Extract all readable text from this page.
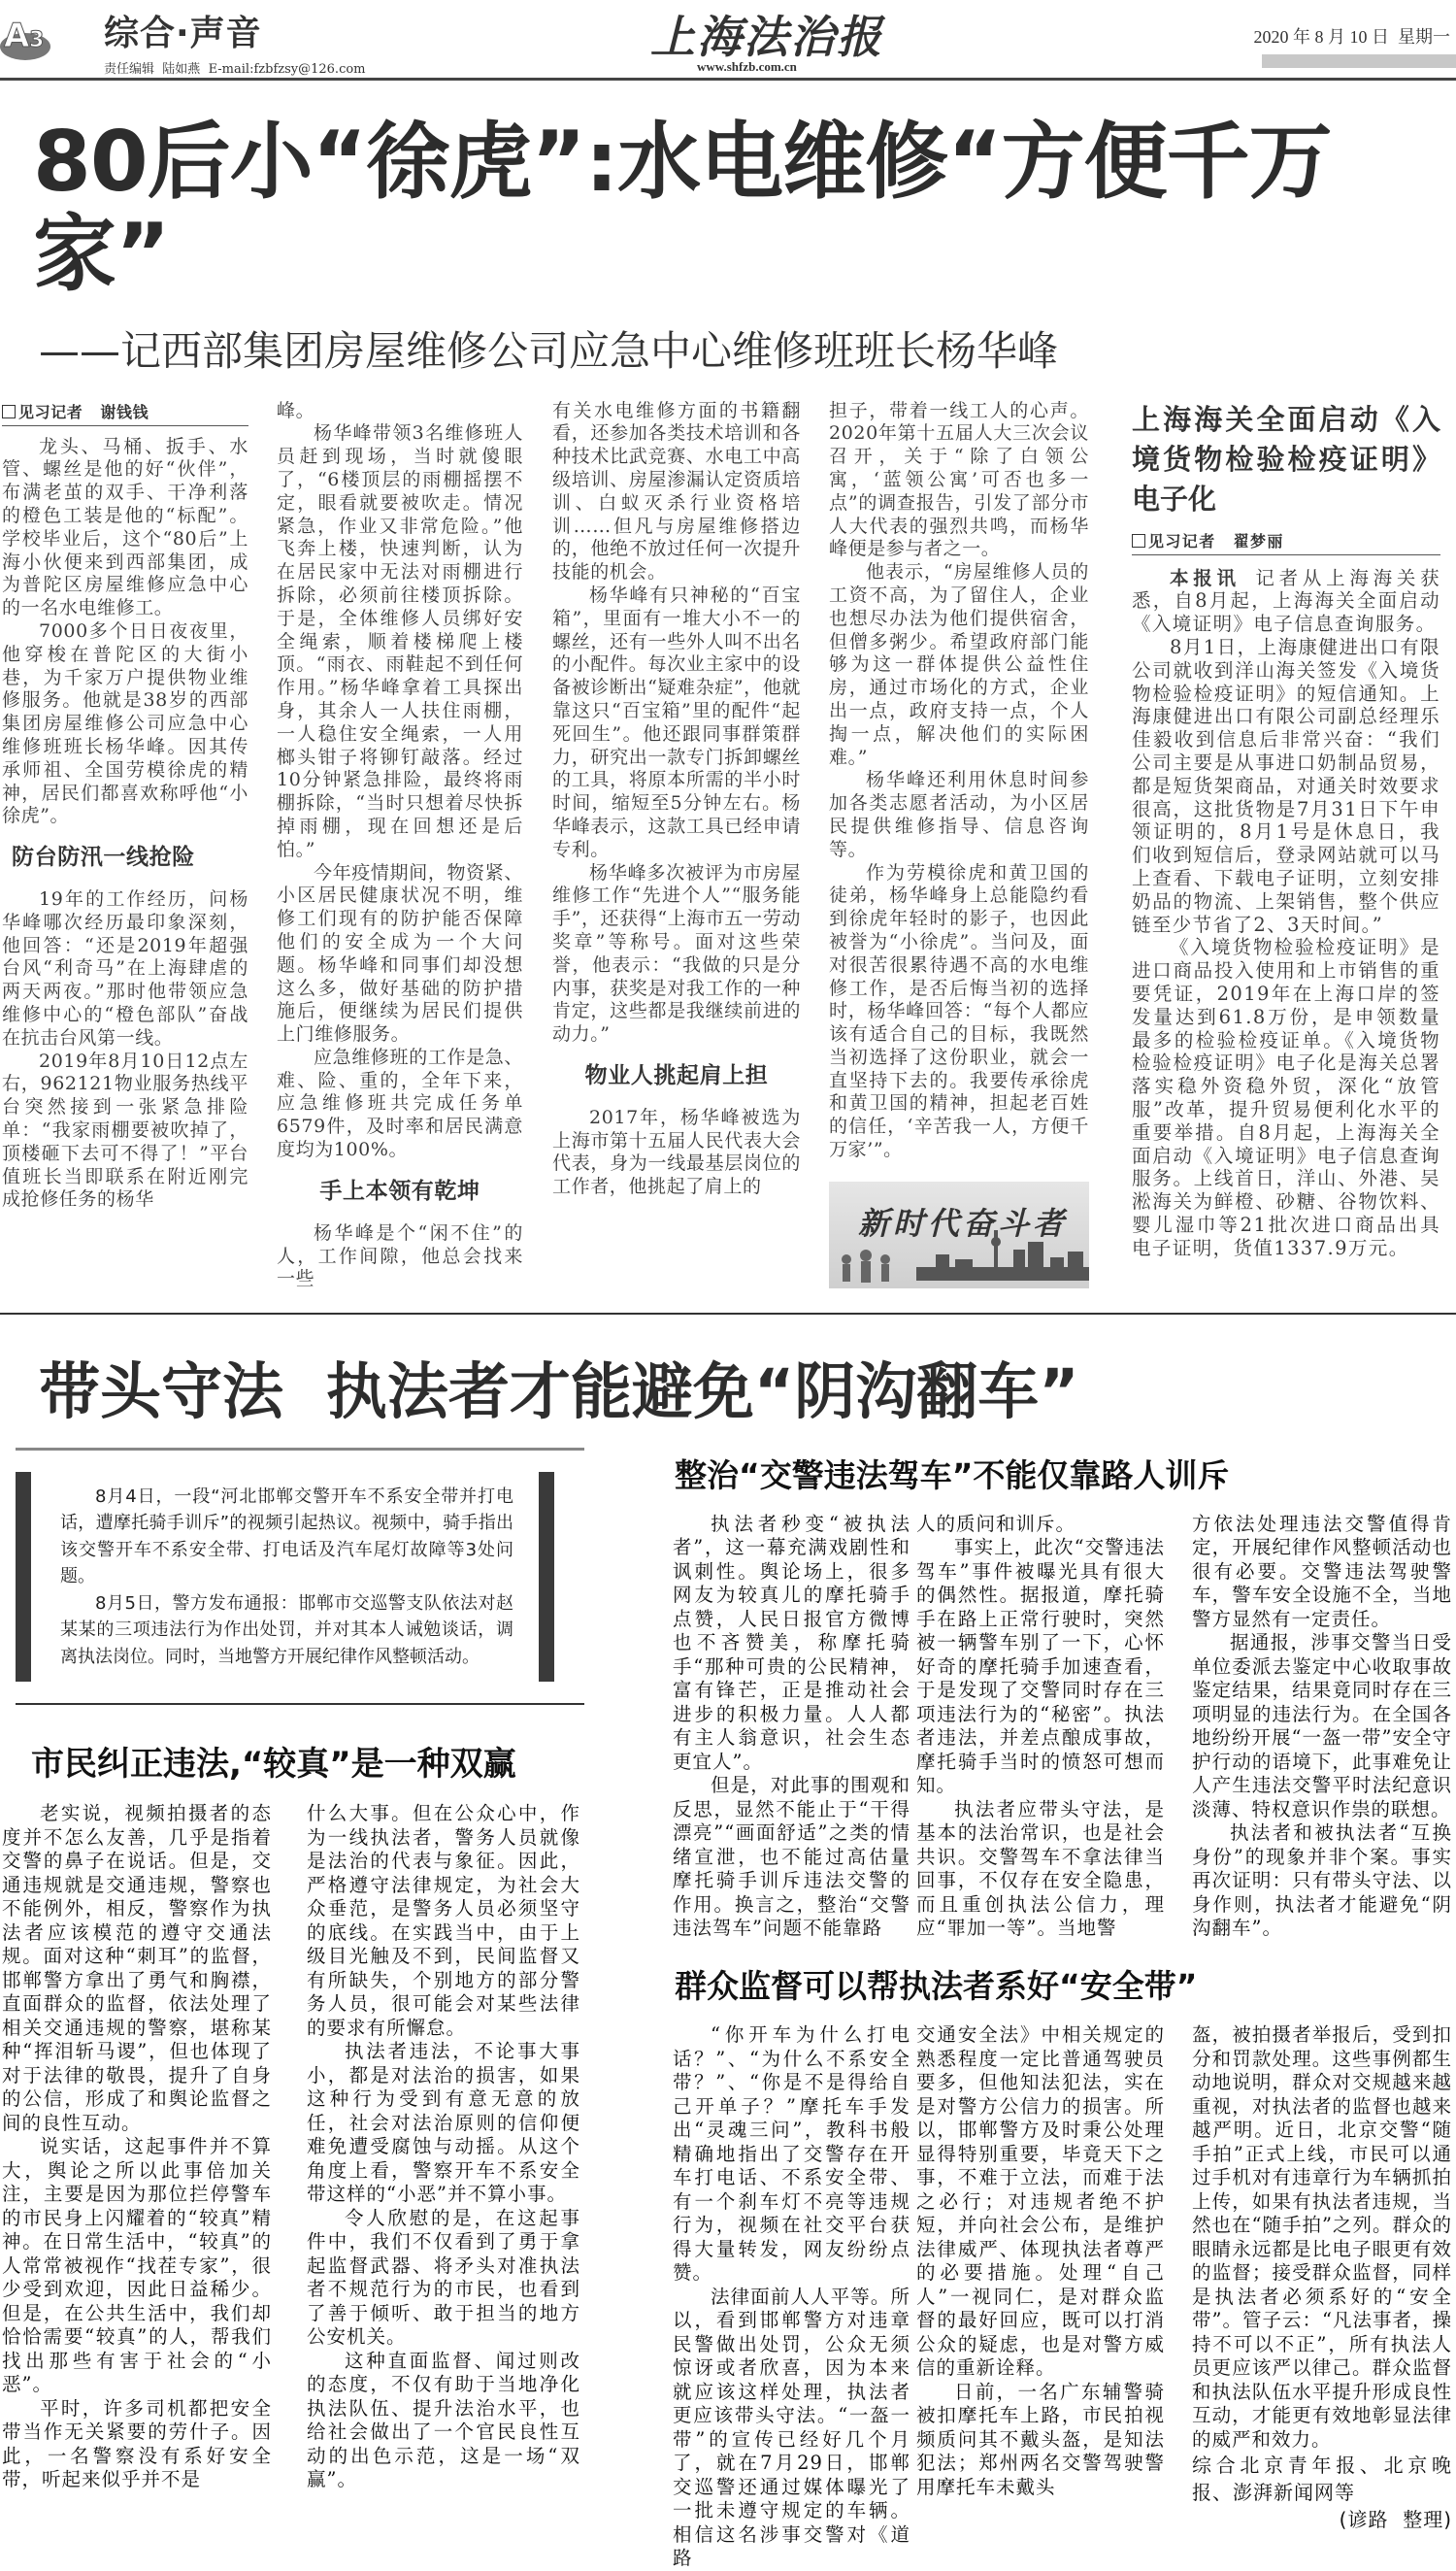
A 3 综合·声音
责任编辑 陆如燕 E-mail:fzbfzsy@126.com
上海法治报
www.shfzb.com.cn
2020 年 8 月 10 日  星期一
80后小“徐虎”:水电维修“方便千万家”
——记西部集团房屋维修公司应急中心维修班班长杨华峰
见习记者 谢钱钱

龙头、马桶、扳手、水管、螺丝是他的好“伙伴”，布满老茧的双手、干净利落的橙色工装是他的“标配”。学校毕业后，这个“80后”上海小伙便来到西部集团，成为普陀区房屋维修应急中心的一名水电维修工。

7000多个日日夜夜里，他穿梭在普陀区的大街小巷，为千家万户提供物业维修服务。他就是38岁的西部集团房屋维修公司应急中心维修班班长杨华峰。因其传承师祖、全国劳模徐虎的精神，居民们都喜欢称呼他“小徐虎”。

防台防汛一线抢险

19年的工作经历，问杨华峰哪次经历最印象深刻，他回答：“还是2019年超强台风“利奇马”在上海肆虐的两天两夜。”那时他带领应急维修中心的“橙色部队”奋战在抗击台风第一线。

2019年8月10日12点左右，962121物业服务热线平台突然接到一张紧急排险单：“我家雨棚要被吹掉了，顶楼砸下去可不得了！”平台值班长当即联系在附近刚完成抢修任务的杨华

峰。

杨华峰带领3名维修班人员赶到现场，当时就傻眼了，“6楼顶层的雨棚摇摆不定，眼看就要被吹走。情况紧急，作业又非常危险。”他飞奔上楼，快速判断，认为在居民家中无法对雨棚进行拆除，必须前往楼顶拆除。于是，全体维修人员绑好安全绳索，顺着楼梯爬上楼顶。“雨衣、雨鞋起不到任何作用。”杨华峰拿着工具探出身，其余人一人扶住雨棚，一人稳住安全绳索，一人用榔头钳子将铆钉敲落。经过10分钟紧急排险，最终将雨棚拆除，“当时只想着尽快拆掉雨棚，现在回想还是后怕。”

今年疫情期间，物资紧、小区居民健康状况不明，维修工们现有的防护能否保障他们的安全成为一个大问题。杨华峰和同事们却没想这么多，做好基础的防护措施后，便继续为居民们提供上门维修服务。

应急维修班的工作是急、难、险、重的，全年下来，应急维修班共完成任务单6579件，及时率和居民满意度均为100%。

手上本领有乾坤

杨华峰是个“闲不住”的人，工作间隙，他总会找来一些

有关水电维修方面的书籍翻看，还参加各类技术培训和各种技术比武竞赛、水电工中高级培训、房屋渗漏认定资质培训、白蚁灭杀行业资格培训……但凡与房屋维修搭边的，他绝不放过任何一次提升技能的机会。

杨华峰有只神秘的“百宝箱”，里面有一堆大小不一的螺丝，还有一些外人叫不出名的小配件。每次业主家中的设备被诊断出“疑难杂症”，他就靠这只“百宝箱”里的配件“起死回生”。他还跟同事群策群力，研究出一款专门拆卸螺丝的工具，将原本所需的半小时时间，缩短至5分钟左右。杨华峰表示，这款工具已经申请专利。

杨华峰多次被评为市房屋维修工作“先进个人”“服务能手”，还获得“上海市五一劳动奖章”等称号。面对这些荣誉，他表示：“我做的只是分内事，获奖是对我工作的一种肯定，这些都是我继续前进的动力。”

物业人挑起肩上担

2017年，杨华峰被选为上海市第十五届人民代表大会代表，身为一线最基层岗位的工作者，他挑起了肩上的

担子，带着一线工人的心声。2020年第十五届人大三次会议召开，关于“除了白领公寓，‘蓝领公寓’可否也多一点”的调查报告，引发了部分市人大代表的强烈共鸣，而杨华峰便是参与者之一。

他表示，“房屋维修人员的工资不高，为了留住人，企业也想尽办法为他们提供宿舍，但僧多粥少。希望政府部门能够为这一群体提供公益性住房，通过市场化的方式，企业出一点，政府支持一点，个人掏一点，解决他们的实际困难。”

杨华峰还利用休息时间参加各类志愿者活动，为小区居民提供维修指导、信息咨询等。

作为劳模徐虎和黄卫国的徒弟，杨华峰身上总能隐约看到徐虎年轻时的影子，也因此被誉为“小徐虎”。当问及，面对很苦很累待遇不高的水电维修工作，是否后悔当初的选择时，杨华峰回答：“每个人都应该有适合自己的目标，我既然当初选择了这份职业，就会一直坚持下去的。我要传承徐虎和黄卫国的精神，担起老百姓的信任，‘辛苦我一人，方便千万家’”。

新时代奋斗者
上海海关全面启动《入境货物检验检疫证明》电子化
见习记者 翟梦丽

本报讯 记者从上海海关获悉，自8月起，上海海关全面启动《入境证明》电子信息查询服务。

8月1日，上海康健进出口有限公司就收到洋山海关签发《入境货物检验检疫证明》的短信通知。上海康健进出口有限公司副总经理乐佳毅收到信息后非常兴奋：“我们公司主要是从事进口奶制品贸易，都是短货架商品，对通关时效要求很高，这批货物是7月31日下午申领证明的，8月1号是休息日，我们收到短信后，登录网站就可以马上查看、下载电子证明，立刻安排奶品的物流、上架销售，整个供应链至少节省了2、3天时间。”

《入境货物检验检疫证明》是进口商品投入使用和上市销售的重要凭证，2019年在上海口岸的签发量达到61.8万份，是申领数量最多的检验检疫证单。《入境货物检验检疫证明》电子化是海关总署落实稳外资稳外贸，深化“放管服”改革，提升贸易便利化水平的重要举措。自8月起，上海海关全面启动《入境证明》电子信息查询服务。上线首日，洋山、外港、吴淞海关为鲜橙、砂糖、谷物饮料、婴儿湿巾等21批次进口商品出具电子证明，货值1337.9万元。

带头守法  执法者才能避免“阴沟翻车”

8月4日，一段“河北邯郸交警开车不系安全带并打电话，遭摩托骑手训斥”的视频引起热议。视频中，骑手指出该交警开车不系安全带、打电话及汽车尾灯故障等3处问题。

8月5日，警方发布通报：邯郸市交巡警支队依法对赵某某的三项违法行为作出处罚，并对其本人诫勉谈话，调离执法岗位。同时，当地警方开展纪律作风整顿活动。

市民纠正违法,“较真”是一种双赢

老实说，视频拍摄者的态度并不怎么友善，几乎是指着交警的鼻子在说话。但是，交通违规就是交通违规，警察也不能例外，相反，警察作为执法者应该模范的遵守交通法规。面对这种“刺耳”的监督，邯郸警方拿出了勇气和胸襟，直面群众的监督，依法处理了相关交通违规的警察，堪称某种“挥泪斩马谡”，但也体现了对于法律的敬畏，提升了自身的公信，形成了和舆论监督之间的良性互动。

说实话，这起事件并不算大，舆论之所以此事倍加关注，主要是因为那位拦停警车的市民身上闪耀着的“较真”精神。在日常生活中，“较真”的人常常被视作“找茬专家”，很少受到欢迎，因此日益稀少。但是，在公共生活中，我们却恰恰需要“较真”的人，帮我们找出那些有害于社会的“小恶”。

平时，许多司机都把安全带当作无关紧要的劳什子。因此，一名警察没有系好安全带，听起来似乎并不是

什么大事。但在公众心中，作为一线执法者，警务人员就像是法治的代表与象征。因此，严格遵守法律规定，为社会大众垂范，是警务人员必须坚守的底线。在实践当中，由于上级目光触及不到，民间监督又有所缺失，个别地方的部分警务人员，很可能会对某些法律的要求有所懈怠。

执法者违法，不论事大事小，都是对法治的损害，如果这种行为受到有意无意的放任，社会对法治原则的信仰便难免遭受腐蚀与动摇。从这个角度上看，警察开车不系安全带这样的“小恶”并不算小事。

令人欣慰的是，在这起事件中，我们不仅看到了勇于拿起监督武器、将矛头对准执法者不规范行为的市民，也看到了善于倾听、敢于担当的地方公安机关。

这种直面监督、闻过则改的态度，不仅有助于当地净化执法队伍、提升法治水平，也给社会做出了一个官民良性互动的出色示范，这是一场“双赢”。

整治“交警违法驾车”不能仅靠路人训斥

执法者秒变“被执法者”，这一幕充满戏剧性和讽刺性。舆论场上，很多网友为较真儿的摩托骑手点赞，人民日报官方微博也不吝赞美，称摩托骑手“那种可贵的公民精神，富有锋芒，正是推动社会进步的积极力量。人人都有主人翁意识，社会生态更宜人”。

但是，对此事的围观和反思，显然不能止于“干得漂亮”“画面舒适”之类的情绪宣泄，也不能过高估量摩托骑手训斥违法交警的作用。换言之，整治“交警违法驾车”问题不能靠路

人的质问和训斥。

事实上，此次“交警违法驾车”事件被曝光具有很大的偶然性。据报道，摩托骑手在路上正常行驶时，突然被一辆警车别了一下，心怀好奇的摩托骑手加速查看，于是发现了交警同时存在三项违法行为的“秘密”。执法者违法，并差点酿成事故，摩托骑手当时的愤怒可想而知。

执法者应带头守法，是基本的法治常识，也是社会共识。交警驾车不拿法律当回事，不仅存在安全隐患，而且重创执法公信力，理应“罪加一等”。当地警

方依法处理违法交警值得肯定，开展纪律作风整顿活动也很有必要。交警违法驾驶警车，警车安全设施不全，当地警方显然有一定责任。

据通报，涉事交警当日受单位委派去鉴定中心收取事故鉴定结果，结果竟同时存在三项明显的违法行为。在全国各地纷纷开展“一盔一带”安全守护行动的语境下，此事难免让人产生违法交警平时法纪意识淡薄、特权意识作祟的联想。

执法者和被执法者“互换身份”的现象并非个案。事实再次证明：只有带头守法、以身作则，执法者才能避免“阴沟翻车”。

群众监督可以帮执法者系好“安全带”

“你开车为什么打电话？”、“为什么不系安全带？”、“你是不是得给自己开单子？”摩托车手发出“灵魂三问”，教科书般精确地指出了交警存在开车打电话、不系安全带、有一个刹车灯不亮等违规行为，视频在社交平台获得大量转发，网友纷纷点赞。

法律面前人人平等。所以，看到邯郸警方对违章民警做出处罚，公众无须惊讶或者欣喜，因为本来就应该这样处理，执法者更应该带头守法。“一盔一带”的宣传已经好几个月了，就在7月29日，邯郸交巡警还通过媒体曝光了一批未遵守规定的车辆。相信这名涉事交警对《道路

交通安全法》中相关规定的熟悉程度一定比普通驾驶员要多，但他知法犯法，实在是对警方公信力的损害。所以，邯郸警方及时秉公处理显得特别重要，毕竟天下之事，不难于立法，而难于法之必行；对违规者绝不护短，并向社会公布，是维护法律威严、体现执法者尊严的必要措施。处理“自己人”一视同仁，是对群众监督的最好回应，既可以打消公众的疑虑，也是对警方威信的重新诠释。

日前，一名广东辅警骑被扣摩托车上路，市民拍视频质问其不戴头盔，是知法犯法；郑州两名交警驾驶警用摩托车未戴头

盔，被拍摄者举报后，受到扣分和罚款处理。这些事例都生动地说明，群众对交规越来越重视，对执法者的监督也越来越严明。近日，北京交警“随手拍”正式上线，市民可以通过手机对有违章行为车辆抓拍上传，如果有执法者违规，当然也在“随手拍”之列。群众的眼睛永远都是比电子眼更有效的监督；接受群众监督，同样是执法者必须系好的“安全带”。管子云：“凡法事者，操持不可以不正”，所有执法人员更应该严以律己。群众监督和执法队伍水平提升形成良性互动，才能更有效地彰显法律的威严和效力。

综合北京青年报、北京晚报、澎湃新闻网等

(谚路  整理)
